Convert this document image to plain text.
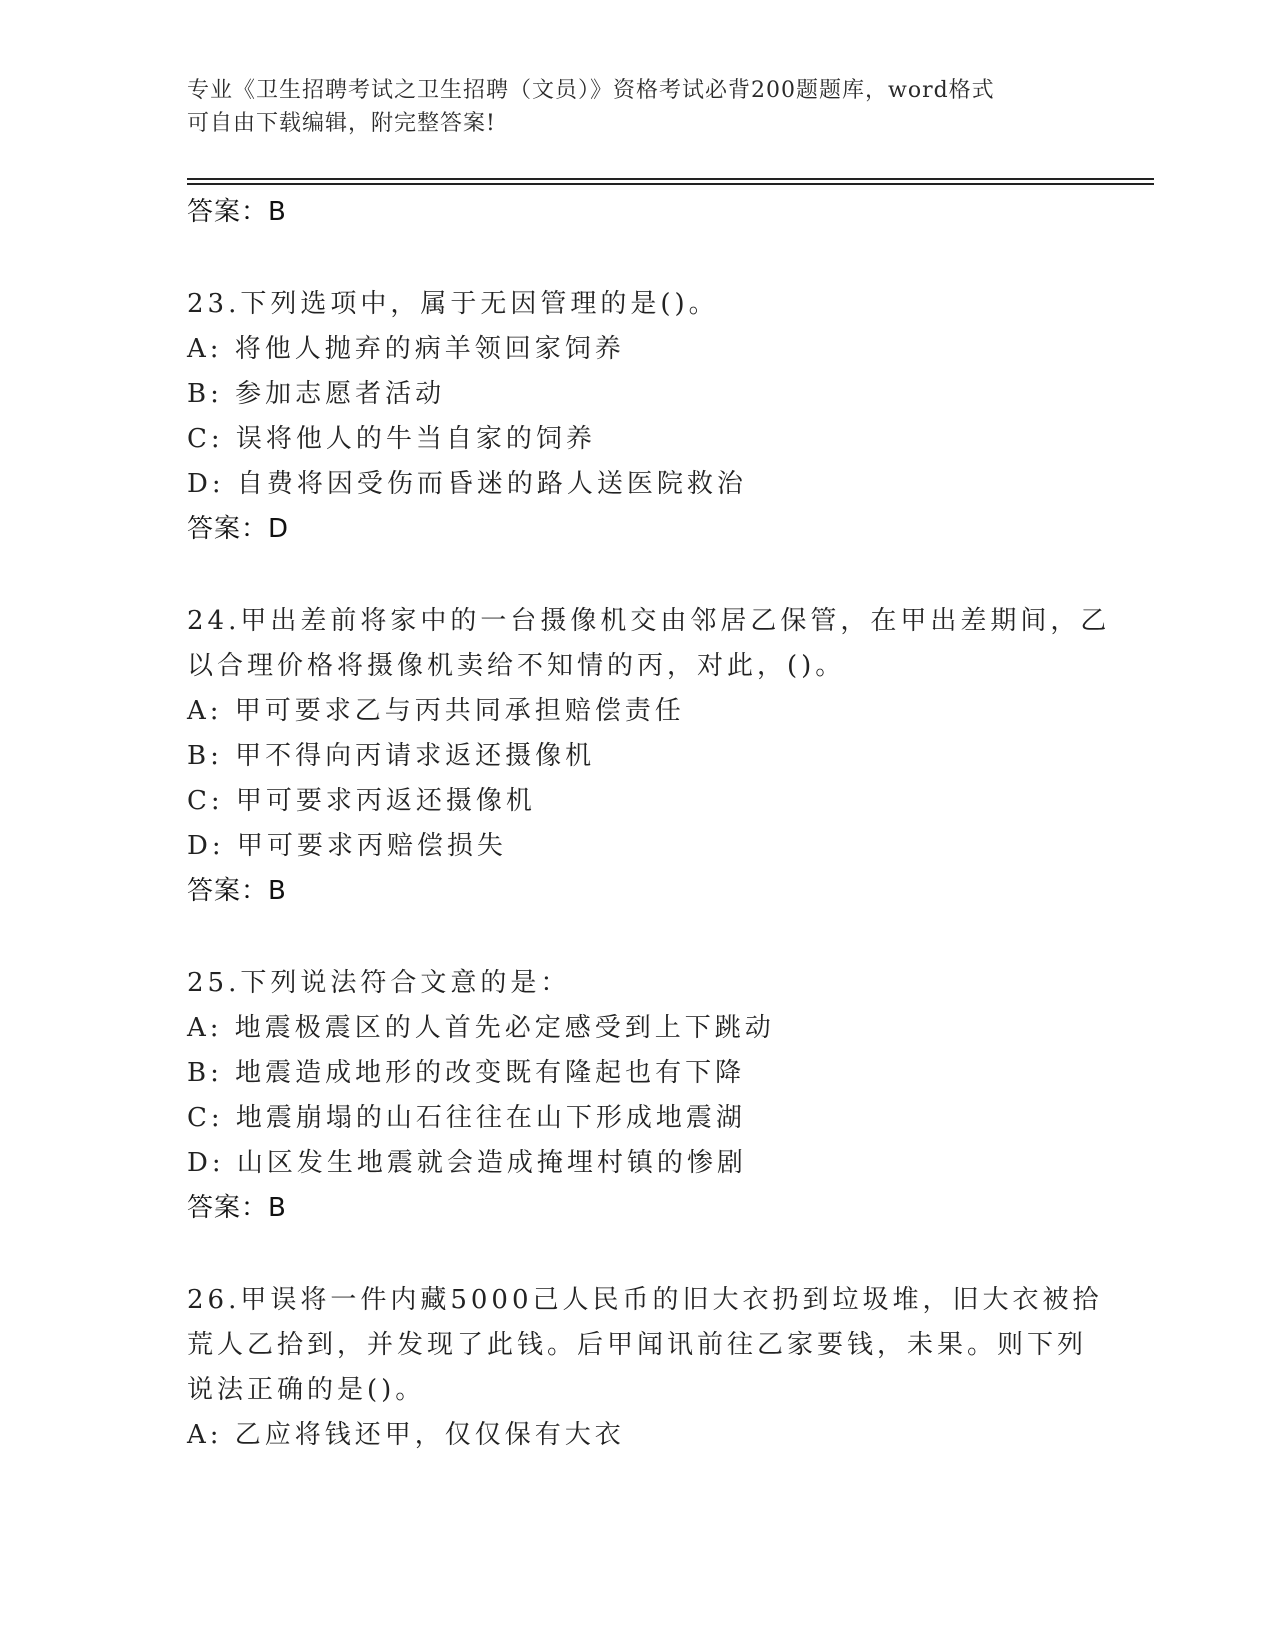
专业《卫生招聘考试之卫生招聘（文员）》资格考试必背200题题库，word格式
可自由下载编辑，附完整答案!
答案：B
23.下列选项中，属于无因管理的是()。
A: 将他人抛弃的病羊领回家饲养
B: 参加志愿者活动
C: 误将他人的牛当自家的饲养
D: 自费将因受伤而昏迷的路人送医院救治
答案：D
24.甲出差前将家中的一台摄像机交由邻居乙保管，在甲出差期间，乙
以合理价格将摄像机卖给不知情的丙，对此，()。
A: 甲可要求乙与丙共同承担赔偿责任
B: 甲不得向丙请求返还摄像机
C: 甲可要求丙返还摄像机
D: 甲可要求丙赔偿损失
答案：B
25.下列说法符合文意的是：
A: 地震极震区的人首先必定感受到上下跳动
B: 地震造成地形的改变既有隆起也有下降
C: 地震崩塌的山石往往在山下形成地震湖
D: 山区发生地震就会造成掩埋村镇的惨剧
答案：B
26.甲误将一件内藏5000己人民币的旧大衣扔到垃圾堆，旧大衣被拾
荒人乙拾到，并发现了此钱。后甲闻讯前往乙家要钱，未果。则下列
说法正确的是()。
A: 乙应将钱还甲，仅仅保有大衣
